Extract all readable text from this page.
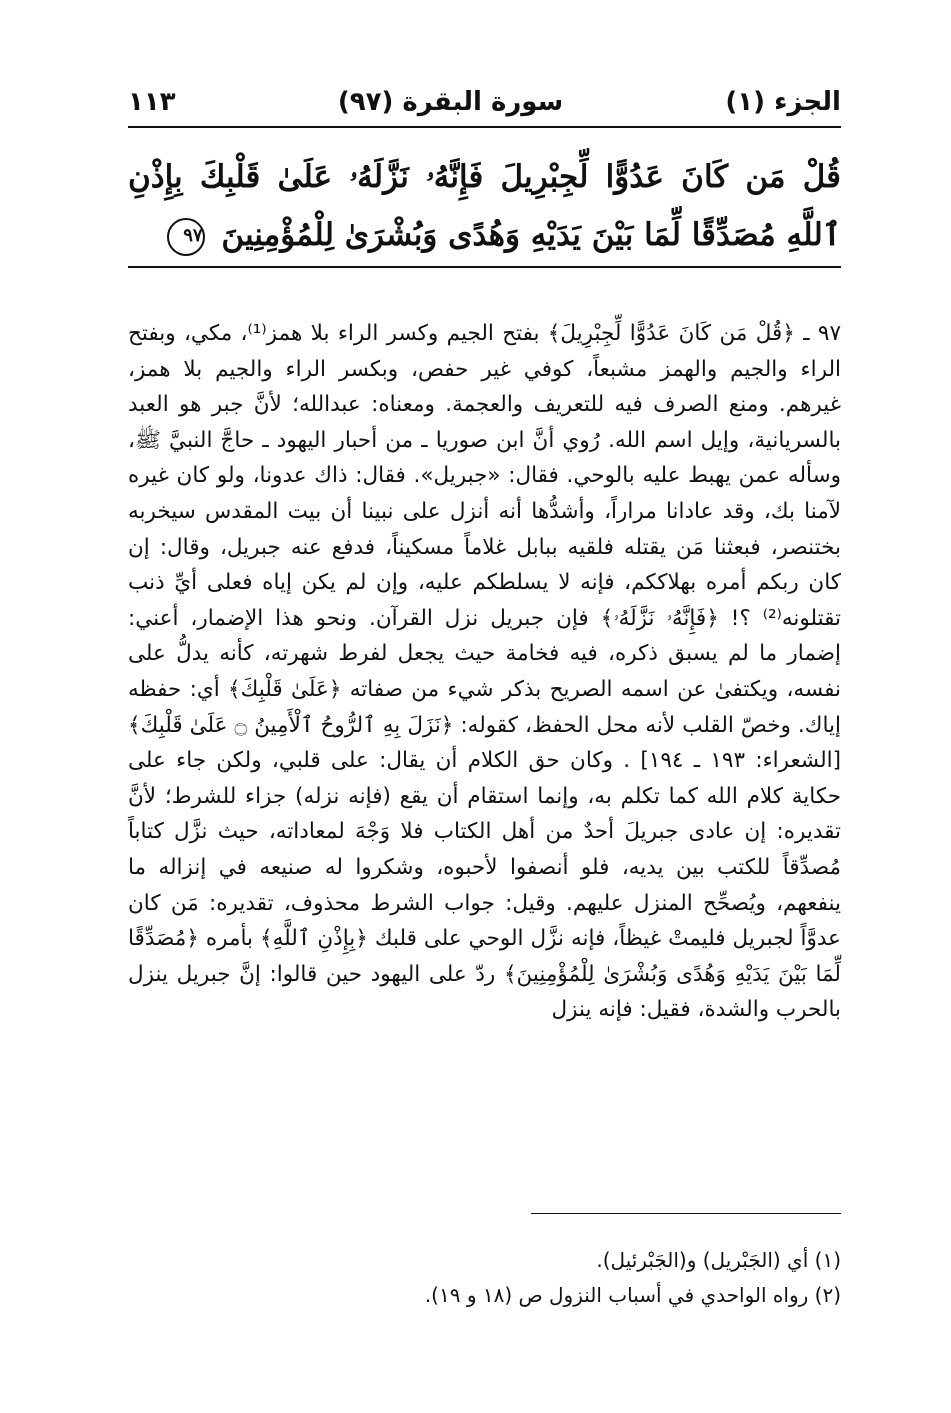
١١٣	سورة البقرة (٩٧)	الجزء (١)
قُلْ مَن كَانَ عَدُوًّا لِّجِبْرِيلَ فَإِنَّهُۥ نَزَّلَهُۥ عَلَىٰ قَلْبِكَ بِإِذْنِ ٱللَّهِ مُصَدِّقًا لِّمَا بَيْنَ يَدَيْهِ وَهُدًى وَبُشْرَىٰ لِلْمُؤْمِنِينَ ٩٧

٩٧ ـ ﴿قُلْ مَن كَانَ عَدُوًّا لِّجِبْرِيلَ﴾ بفتح الجيم وكسر الراء بلا همز⁽¹⁾، مكي، وبفتح الراء والجيم والهمز مشبعاً، كوفي غير حفص، وبكسر الراء والجيم بلا همز، غيرهم. ومنع الصرف فيه للتعريف والعجمة. ومعناه: عبدالله؛ لأنَّ جبر هو العبد بالسريانية، وإيل اسم الله. رُوي أنَّ ابن صوريا ـ من أحبار اليهود ـ حاجَّ النبيَّ ﷺ، وسأله عمن يهبط عليه بالوحي. فقال: «جبريل». فقال: ذاك عدونا، ولو كان غيره لآمنا بك، وقد عادانا مراراً، وأشدُّها أنه أنزل على نبينا أن بيت المقدس سيخربه بختنصر، فبعثنا مَن يقتله فلقيه ببابل غلاماً مسكيناً، فدفع عنه جبريل، وقال: إن كان ربكم أمره بهلاككم، فإنه لا يسلطكم عليه، وإن لم يكن إياه فعلى أيِّ ذنب تقتلونه⁽²⁾ ؟! ﴿فَإِنَّهُۥ نَزَّلَهُۥ﴾ فإن جبريل نزل القرآن. ونحو هذا الإضمار، أعني: إضمار ما لم يسبق ذكره، فيه فخامة حيث يجعل لفرط شهرته، كأنه يدلُّ على نفسه، ويكتفىٰ عن اسمه الصريح بذكر شيء من صفاته ﴿عَلَىٰ قَلْبِكَ﴾ أي: حفظه إياك. وخصّ القلب لأنه محل الحفظ، كقوله: ﴿نَزَلَ بِهِ ٱلرُّوحُ ٱلْأَمِينُ ۝ عَلَىٰ قَلْبِكَ﴾ [الشعراء: ١٩٣ ـ ١٩٤] . وكان حق الكلام أن يقال: على قلبي، ولكن جاء على حكاية كلام الله كما تكلم به، وإنما استقام أن يقع (فإنه نزله) جزاء للشرط؛ لأنَّ تقديره: إن عادى جبريلَ أحدٌ من أهل الكتاب فلا وَجْهَ لمعاداته، حيث نزَّل كتاباً مُصدِّقاً للكتب بين يديه، فلو أنصفوا لأحبوه، وشكروا له صنيعه في إنزاله ما ينفعهم، ويُصحِّح المنزل عليهم. وقيل: جواب الشرط محذوف، تقديره: مَن كان عدوَّاً لجبريل فليمتْ غيظاً، فإنه نزَّل الوحي على قلبك ﴿بِإِذْنِ ٱللَّهِ﴾ بأمره ﴿مُصَدِّقًا لِّمَا بَيْنَ يَدَيْهِ وَهُدًى وَبُشْرَىٰ لِلْمُؤْمِنِينَ﴾ ردّ على اليهود حين قالوا: إنَّ جبريل ينزل بالحرب والشدة، فقيل: فإنه ينزل

(١) أي (الجَبْريل) و(الجَبْرئيل).
(٢) رواه الواحدي في أسباب النزول ص (١٨ و ١٩).
